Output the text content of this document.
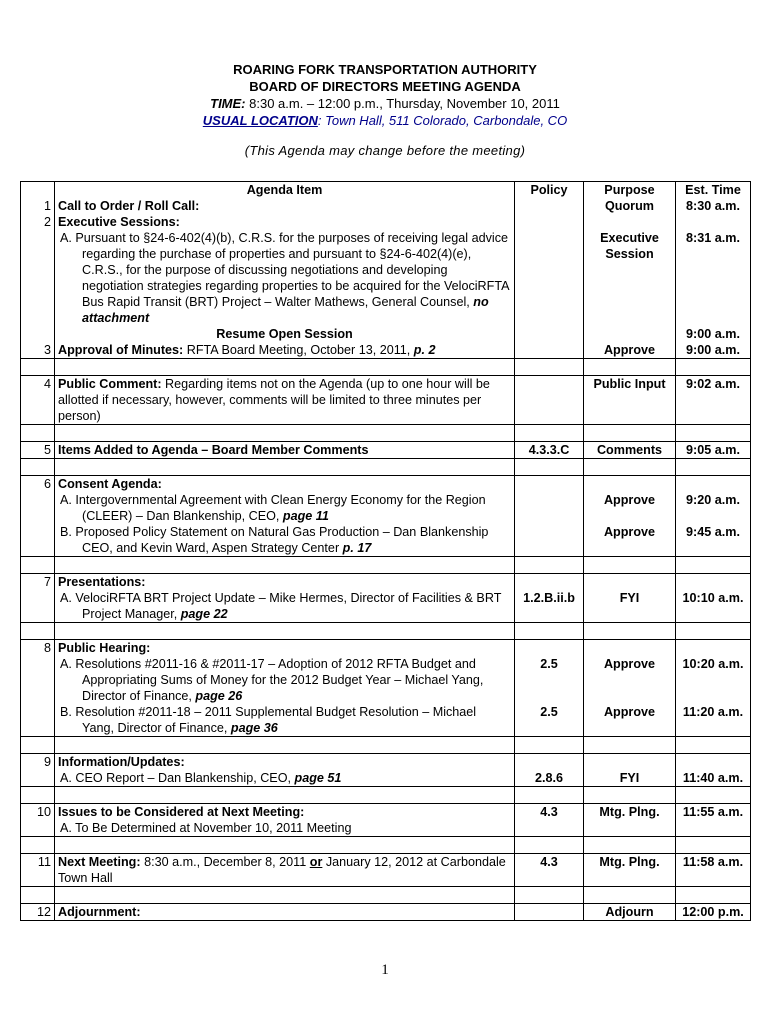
ROARING FORK TRANSPORTATION AUTHORITY
BOARD OF DIRECTORS MEETING AGENDA
TIME: 8:30 a.m. – 12:00 p.m., Thursday, November 10, 2011
USUAL LOCATION: Town Hall, 511 Colorado, Carbondale, CO
(This Agenda may change before the meeting)
	Agenda Item	Policy	Purpose	Est. Time
1	Call to Order / Roll Call:		Quorum	8:30 a.m.
2	Executive Sessions:			

	A. Pursuant to §24-6-402(4)(b), C.R.S. for the purposes of receiving legal advice regarding the purchase of properties and pursuant to §24-6-402(4)(e), C.R.S., for the purpose of discussing negotiations and developing negotiation strategies regarding properties to be acquired for the VelociRFTA Bus Rapid Transit (BRT) Project – Walter Mathews, General Counsel, no attachment		Executive Session	8:31 a.m.
	Resume Open Session			9:00 a.m.
3	Approval of Minutes: RFTA Board Meeting, October 13, 2011, p. 2		Approve	9:00 a.m.

4	Public Comment: Regarding items not on the Agenda (up to one hour will be allotted if necessary, however, comments will be limited to three minutes per person)		Public Input	9:02 a.m.

5	Items Added to Agenda – Board Member Comments	4.3.3.C	Comments	9:05 a.m.

6	Consent Agenda:			

	A. Intergovernmental Agreement with Clean Energy Economy for the Region (CLEER) – Dan Blankenship, CEO, page 11		Approve	9:20 a.m.

	B. Proposed Policy Statement on Natural Gas Production – Dan Blankenship CEO, and Kevin Ward, Aspen Strategy Center p. 17		Approve	9:45 a.m.

7	Presentations:			

	A. VelociRFTA BRT Project Update – Mike Hermes, Director of Facilities & BRT Project Manager, page 22	1.2.B.ii.b	FYI	10:10 a.m.

8	Public Hearing:			

	A. Resolutions #2011-16 & #2011-17 – Adoption of 2012 RFTA Budget and Appropriating Sums of Money for the 2012 Budget Year – Michael Yang, Director of Finance, page 26	2.5	Approve	10:20 a.m.

	B. Resolution #2011-18 – 2011 Supplemental Budget Resolution – Michael Yang, Director of Finance, page 36	2.5	Approve	11:20 a.m.

9	Information/Updates:			

	A. CEO Report – Dan Blankenship, CEO, page 51	2.8.6	FYI	11:40 a.m.

10	Issues to be Considered at Next Meeting:	4.3	Mtg. Plng.	11:55 a.m.

	A. To Be Determined at November 10, 2011 Meeting			

11	Next Meeting: 8:30 a.m., December 8, 2011 or January 12, 2012 at Carbondale Town Hall	4.3	Mtg. Plng.	11:58 a.m.

12	Adjournment:		Adjourn	12:00 p.m.
1
